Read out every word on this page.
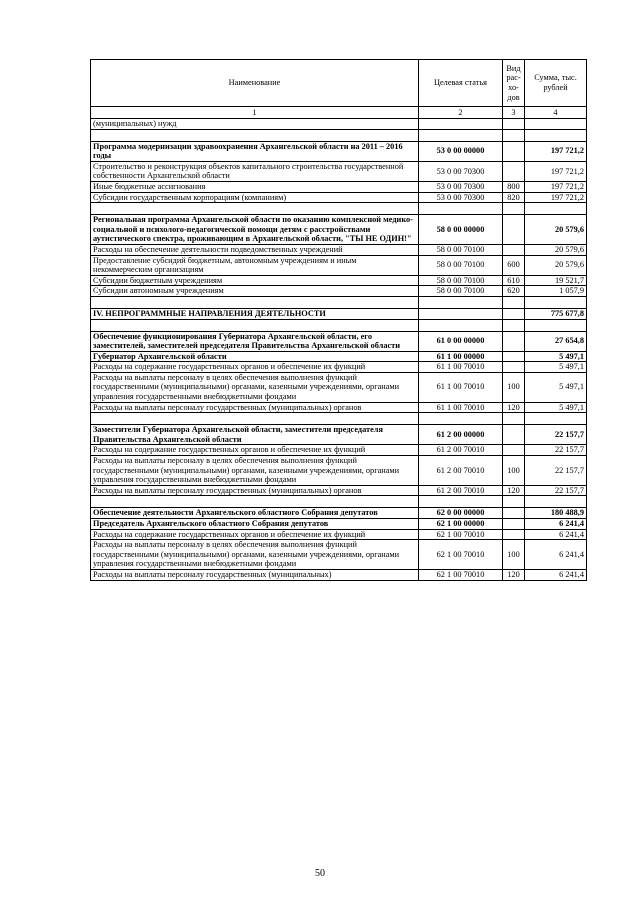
Наименование	Целевая статья	Вид рас-хо-дов	Сумма, тыс. рублей
1	2	3	4
(муниципальных) нужд			

Программа модернизации здравоохранения Архангельской области на 2011 – 2016 годы	53 0 00 00000		197 721,2
Строительство и реконструкция объектов капитального строительства государственной собственности Архангельской области	53 0 00 70300		197 721,2
Иные бюджетные ассигнования	53 0 00 70300	800	197 721,2
Субсидии государственным корпорациям (компаниям)	53 0 00 70300	820	197 721,2

Региональная программа Архангельской области по оказанию комплексной медико-социальной и психолого-педагогической помощи детям с расстройствами аутистического спектра, проживающим в Архангельской области, "ТЫ НЕ ОДИН!"	58 0 00 00000		20 579,6
Расходы на обеспечение деятельности подведомственных учреждений	58 0 00 70100		20 579,6
Предоставление субсидий бюджетным, автономным учреждениям и иным некоммерческим организациям	58 0 00 70100	600	20 579,6
Субсидии бюджетным учреждениям	58 0 00 70100	610	19 521,7
Субсидии автономным учреждениям	58 0 00 70100	620	1 057,9

IV. НЕПРОГРАММНЫЕ НАПРАВЛЕНИЯ ДЕЯТЕЛЬНОСТИ			775 677,8

Обеспечение функционирования Губернатора Архангельской области, его заместителей, заместителей председателя Правительства Архангельской области	61 0 00 00000		27 654,8
Губернатор Архангельской области	61 1 00 00000		5 497,1
Расходы на содержание государственных органов и обеспечение их функций	61 1 00 70010		5 497,1
Расходы на выплаты персоналу в целях обеспечения выполнения функций государственными (муниципальными) органами, казенными учреждениями, органами управления государственными внебюджетными фондами	61 1 00 70010	100	5 497,1
Расходы на выплаты персоналу государственных (муниципальных) органов	61 1 00 70010	120	5 497,1

Заместители Губернатора Архангельской области, заместители председателя Правительства Архангельской области	61 2 00 00000		22 157,7
Расходы на содержание государственных органов и обеспечение их функций	61 2 00 70010		22 157,7
Расходы на выплаты персоналу в целях обеспечения выполнения функций государственными (муниципальными) органами, казенными учреждениями, органами управления государственными внебюджетными фондами	61 2 00 70010	100	22 157,7
Расходы на выплаты персоналу государственных (муниципальных) органов	61 2 00 70010	120	22 157,7

Обеспечение деятельности Архангельского областного Собрания депутатов	62 0 00 00000		180 488,9
Председатель Архангельского областного Собрания депутатов	62 1 00 00000		6 241,4
Расходы на содержание государственных органов и обеспечение их функций	62 1 00 70010		6 241,4
Расходы на выплаты персоналу в целях обеспечения выполнения функций государственными (муниципальными) органами, казенными учреждениями, органами управления государственными внебюджетными фондами	62 1 00 70010	100	6 241,4
Расходы на выплаты персоналу государственных (муниципальных)	62 1 00 70010	120	6 241,4
50
